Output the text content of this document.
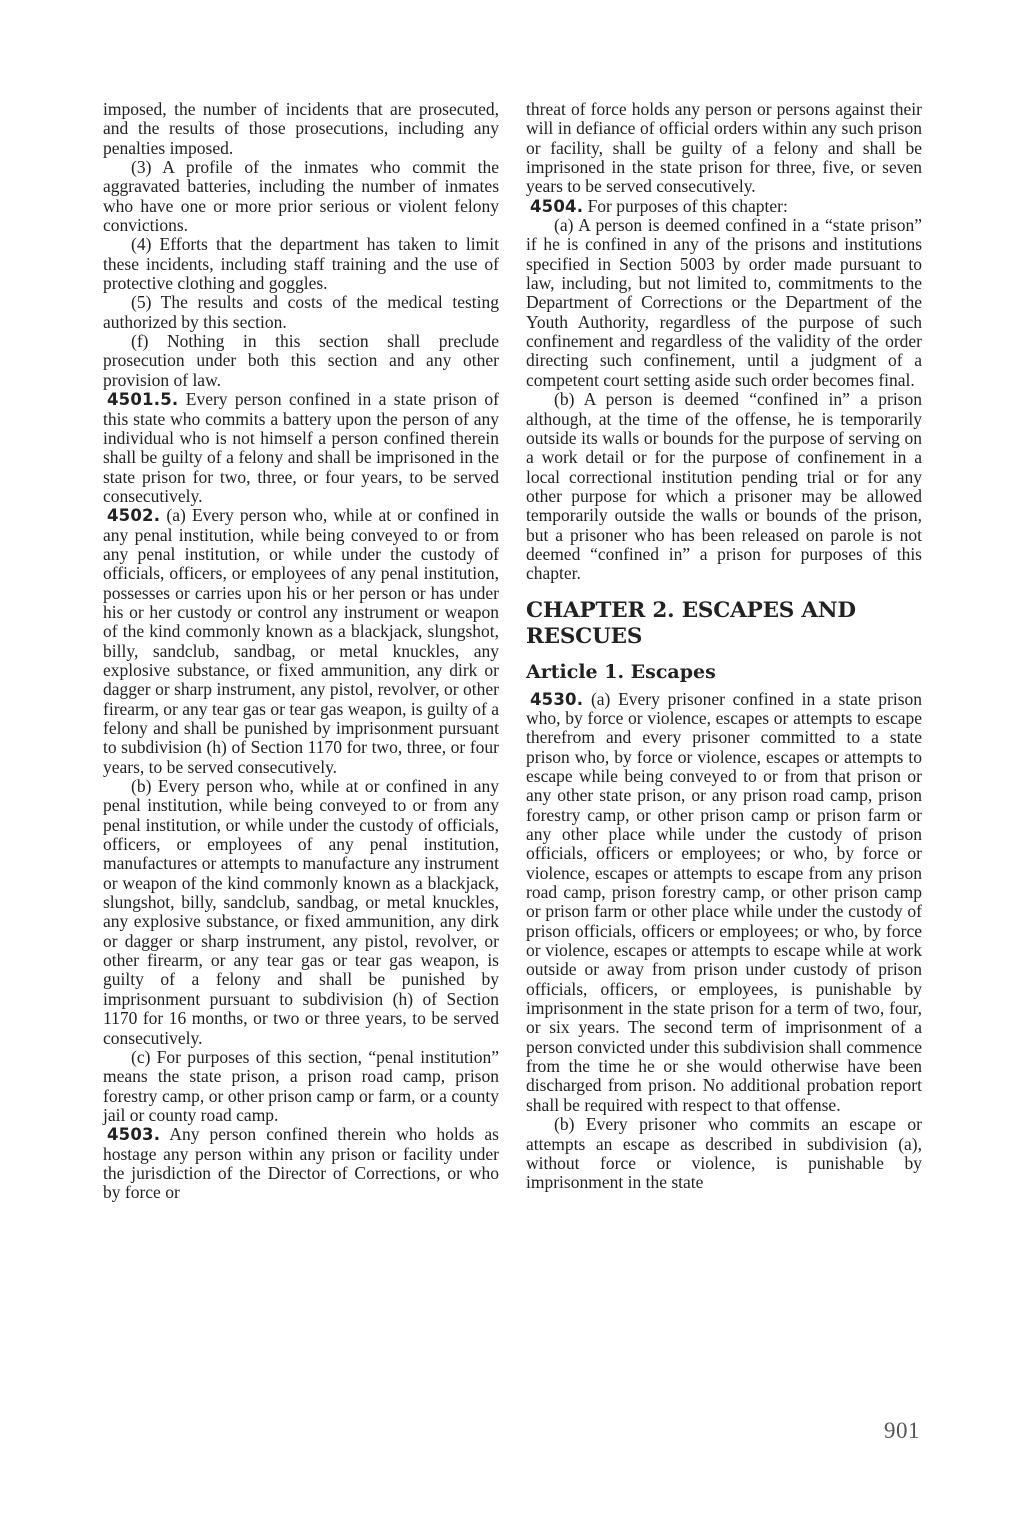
imposed, the number of incidents that are prosecuted, and the results of those prosecutions, including any penalties imposed.

(3) A profile of the inmates who commit the aggravated batteries, including the number of inmates who have one or more prior serious or violent felony convictions.

(4) Efforts that the department has taken to limit these incidents, including staff training and the use of protective clothing and goggles.

(5) The results and costs of the medical testing authorized by this section.

(f) Nothing in this section shall preclude prosecution under both this section and any other provision of law.

4501.5. Every person confined in a state prison of this state who commits a battery upon the person of any individual who is not himself a person confined therein shall be guilty of a felony and shall be imprisoned in the state prison for two, three, or four years, to be served consecutively.

4502. (a) Every person who, while at or confined in any penal institution, while being conveyed to or from any penal institution, or while under the custody of officials, officers, or employees of any penal institution, possesses or carries upon his or her person or has under his or her custody or control any instrument or weapon of the kind commonly known as a blackjack, slungshot, billy, sandclub, sandbag, or metal knuckles, any explosive substance, or fixed ammunition, any dirk or dagger or sharp instrument, any pistol, revolver, or other firearm, or any tear gas or tear gas weapon, is guilty of a felony and shall be punished by imprisonment pursuant to subdivision (h) of Section 1170 for two, three, or four years, to be served consecutively.

(b) Every person who, while at or confined in any penal institution, while being conveyed to or from any penal institution, or while under the custody of officials, officers, or employees of any penal institution, manufactures or attempts to manufacture any instrument or weapon of the kind commonly known as a blackjack, slungshot, billy, sandclub, sandbag, or metal knuckles, any explosive substance, or fixed ammunition, any dirk or dagger or sharp instrument, any pistol, revolver, or other firearm, or any tear gas or tear gas weapon, is guilty of a felony and shall be punished by imprisonment pursuant to subdivision (h) of Section 1170 for 16 months, or two or three years, to be served consecutively.

(c) For purposes of this section, “penal institution” means the state prison, a prison road camp, prison forestry camp, or other prison camp or farm, or a county jail or county road camp.

4503. Any person confined therein who holds as hostage any person within any prison or facility under the jurisdiction of the Director of Corrections, or who by force or

threat of force holds any person or persons against their will in defiance of official orders within any such prison or facility, shall be guilty of a felony and shall be imprisoned in the state prison for three, five, or seven years to be served consecutively.

4504. For purposes of this chapter:

(a) A person is deemed confined in a “state prison” if he is confined in any of the prisons and institutions specified in Section 5003 by order made pursuant to law, including, but not limited to, commitments to the Department of Corrections or the Department of the Youth Authority, regardless of the purpose of such confinement and regardless of the validity of the order directing such confinement, until a judgment of a competent court setting aside such order becomes final.

(b) A person is deemed “confined in” a prison although, at the time of the offense, he is temporarily outside its walls or bounds for the purpose of serving on a work detail or for the purpose of confinement in a local correctional institution pending trial or for any other purpose for which a prisoner may be allowed temporarily outside the walls or bounds of the prison, but a prisoner who has been released on parole is not deemed “confined in” a prison for purposes of this chapter.

CHAPTER 2. ESCAPES AND RESCUES
Article 1. Escapes

4530. (a) Every prisoner confined in a state prison who, by force or violence, escapes or attempts to escape therefrom and every prisoner committed to a state prison who, by force or violence, escapes or attempts to escape while being conveyed to or from that prison or any other state prison, or any prison road camp, prison forestry camp, or other prison camp or prison farm or any other place while under the custody of prison officials, officers or employees; or who, by force or violence, escapes or attempts to escape from any prison road camp, prison forestry camp, or other prison camp or prison farm or other place while under the custody of prison officials, officers or employees; or who, by force or violence, escapes or attempts to escape while at work outside or away from prison under custody of prison officials, officers, or employees, is punishable by imprisonment in the state prison for a term of two, four, or six years. The second term of imprisonment of a person convicted under this subdivision shall commence from the time he or she would otherwise have been discharged from prison. No additional probation report shall be required with respect to that offense.

(b) Every prisoner who commits an escape or attempts an escape as described in subdivision (a), without force or violence, is punishable by imprisonment in the state

901
